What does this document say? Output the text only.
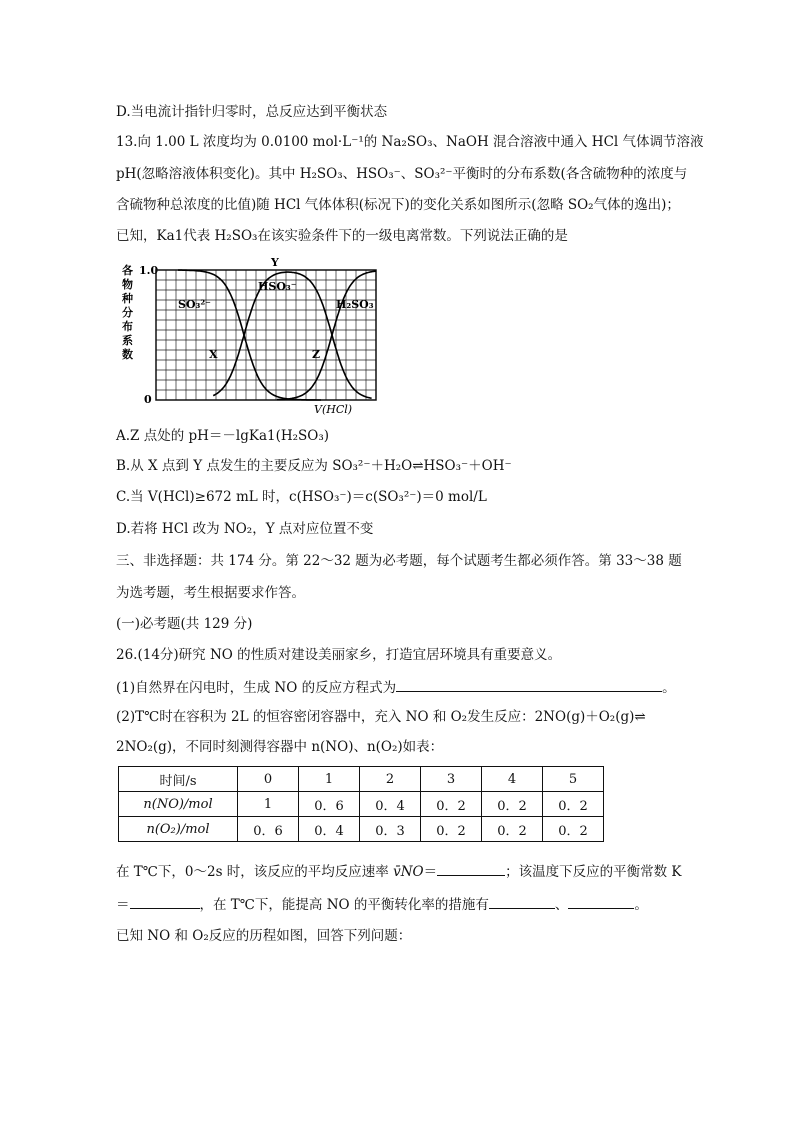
D.当电流计指针归零时，总反应达到平衡状态
13.向 1.00 L 浓度均为 0.0100 mol·L⁻¹的 Na₂SO₃、NaOH 混合溶液中通入 HCl 气体调节溶液
pH(忽略溶液体积变化)。其中 H₂SO₃、HSO₃⁻、SO₃²⁻平衡时的分布系数(各含硫物种的浓度与
含硫物种总浓度的比值)随 HCl 气体体积(标况下)的变化关系如图所示(忽略 SO₂气体的逸出)；
已知，Ka1代表 H₂SO₃在该实验条件下的一级电离常数。下列说法正确的是
各
物
种
分
布
系
数
1.0
0
SO₃²⁻
HSO₃⁻
H₂SO₃
X
Y
Z
V(HCl)
A.Z 点处的 pH＝－lgKa1(H₂SO₃)
B.从 X 点到 Y 点发生的主要反应为 SO₃²⁻＋H₂O⇌HSO₃⁻＋OH⁻
C.当 V(HCl)≥672 mL 时，c(HSO₃⁻)＝c(SO₃²⁻)＝0 mol/L
D.若将 HCl 改为 NO₂，Y 点对应位置不变
三、非选择题：共 174 分。第 22～32 题为必考题，每个试题考生都必须作答。第 33～38 题
为选考题，考生根据要求作答。
(一)必考题(共 129 分)
26.(14分)研究 NO 的性质对建设美丽家乡，打造宜居环境具有重要意义。
(1)自然界在闪电时，生成 NO 的反应方程式为	。
(2)T℃时在容积为 2L 的恒容密闭容器中，充入 NO 和 O₂发生反应：2NO(g)＋O₂(g)⇌
2NO₂(g)，不同时刻测得容器中 n(NO)、n(O₂)如表：
时间/s	0	1	2	3	4	5
n(NO)/mol	1	0．6	0．4	0．2	0．2	0．2
n(O₂)/mol	0．6	0．4	0．3	0．2	0．2	0．2
在 T℃下，0～2s 时，该反应的平均反应速率 v̄NO＝	；该温度下反应的平衡常数 K
＝	，在 T℃下，能提高 NO 的平衡转化率的措施有	、	。
已知 NO 和 O₂反应的历程如图，回答下列问题：
